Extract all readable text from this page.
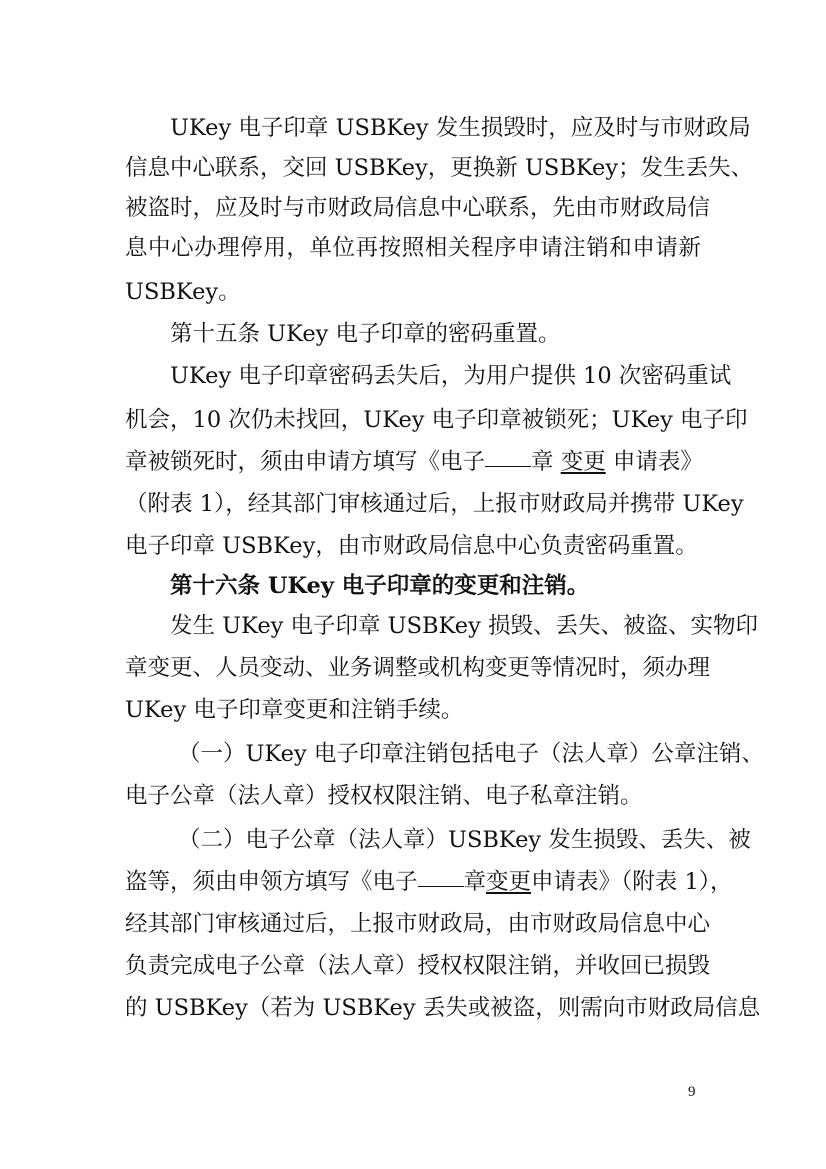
UKey 电子印章 USBKey 发生损毁时，应及时与市财政局
信息中心联系，交回 USBKey，更换新 USBKey；发生丢失、
被盗时，应及时与市财政局信息中心联系，先由市财政局信
息中心办理停用，单位再按照相关程序申请注销和申请新
USBKey。
第十五条 UKey 电子印章的密码重置。
UKey 电子印章密码丢失后，为用户提供 10 次密码重试
机会，10 次仍未找回，UKey 电子印章被锁死；UKey 电子印
章被锁死时，须由申请方填写《电子 章 变更 申请表》
（附表 1），经其部门审核通过后，上报市财政局并携带 UKey
电子印章 USBKey，由市财政局信息中心负责密码重置。
第十六条 UKey 电子印章的变更和注销。
发生 UKey 电子印章 USBKey 损毁、丢失、被盗、实物印
章变更、人员变动、业务调整或机构变更等情况时，须办理
UKey 电子印章变更和注销手续。
（一）UKey 电子印章注销包括电子（法人章）公章注销、
电子公章（法人章）授权权限注销、电子私章注销。
（二）电子公章（法人章）USBKey 发生损毁、丢失、被
盗等，须由申领方填写《电子 章变更申请表》（附表 1），
经其部门审核通过后，上报市财政局，由市财政局信息中心
负责完成电子公章（法人章）授权权限注销，并收回已损毁
的 USBKey（若为 USBKey 丢失或被盗，则需向市财政局信息
9
